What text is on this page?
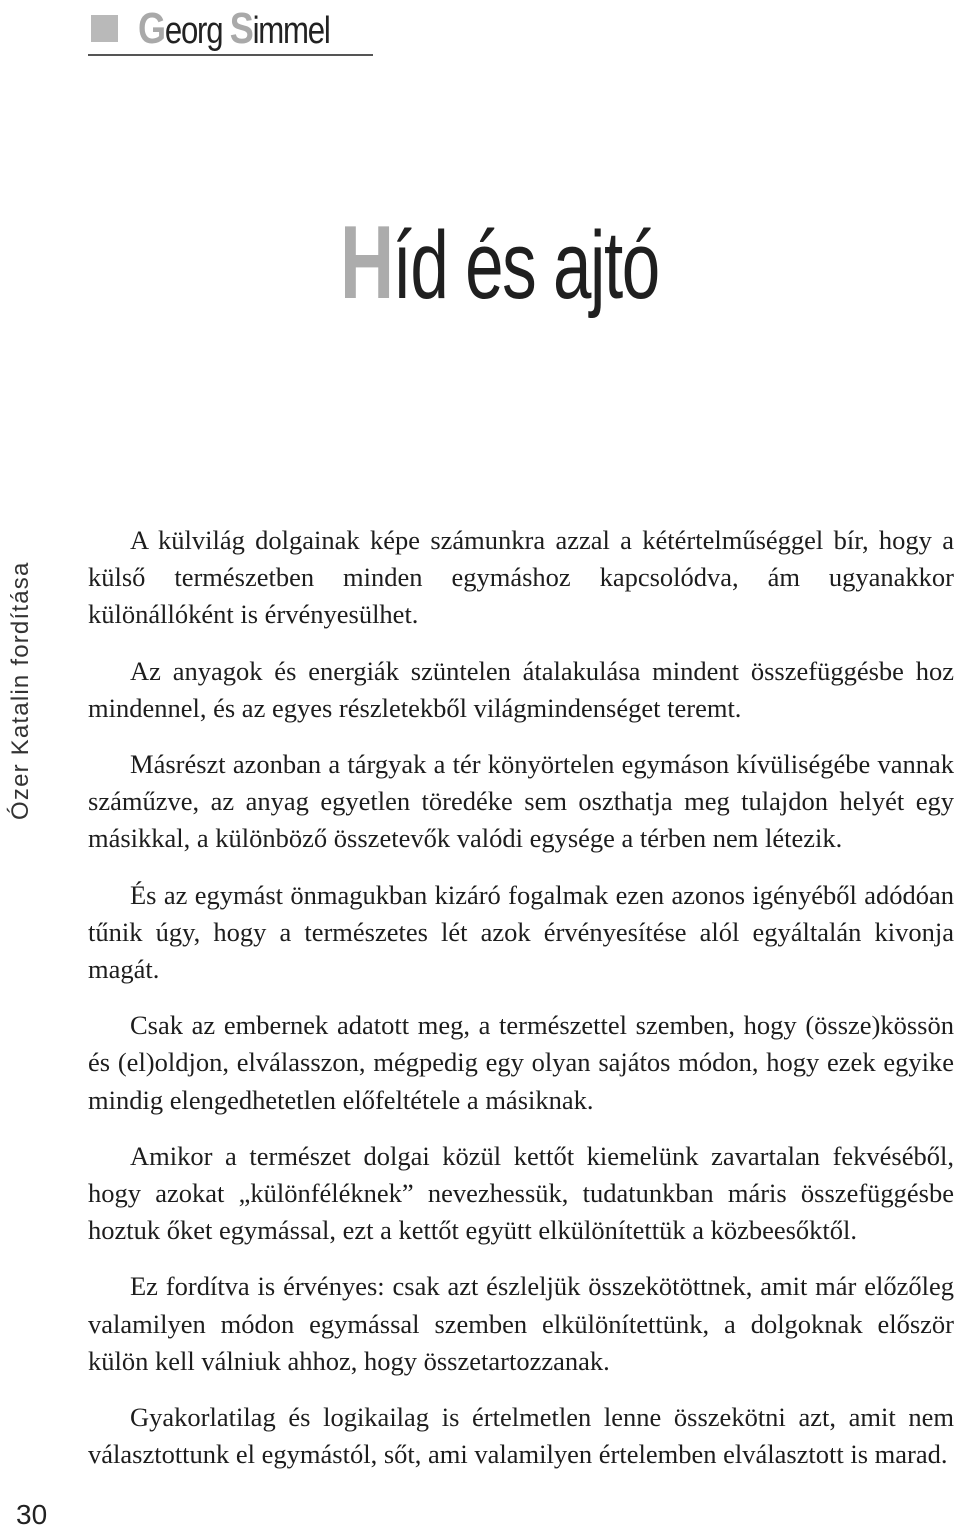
Georg Simmel
Híd és ajtó
Ózer Katalin fordítása

A külvilág dolgainak képe számunkra azzal a kétértelműséggel bír, hogy a külső természetben minden egymáshoz kapcsolódva, ám ugyanakkor különállóként is érvényesülhet.

Az anyagok és energiák szüntelen átalakulása mindent összefüggésbe hoz mindennel, és az egyes részletekből világmindenséget teremt.

Másrészt azonban a tárgyak a tér könyörtelen egymáson kívüliségébe vannak száműzve, az anyag egyetlen töredéke sem oszthatja meg tulajdon helyét egy másikkal, a különböző összetevők valódi egysége a térben nem létezik.

És az egymást önmagukban kizáró fogalmak ezen azonos igényéből adódóan tűnik úgy, hogy a természetes lét azok érvényesítése alól egyáltalán kivonja magát.

Csak az embernek adatott meg, a természettel szemben, hogy (össze)kössön és (el)oldjon, elválasszon, mégpedig egy olyan sajátos módon, hogy ezek egyike mindig elengedhetetlen előfeltétele a másiknak.

Amikor a természet dolgai közül kettőt kiemelünk zavartalan fekvéséből, hogy azokat „különféléknek” nevezhessük, tudatunkban máris összefüggésbe hoztuk őket egymással, ezt a kettőt együtt elkülönítettük a közbeesőktől.

Ez fordítva is érvényes: csak azt észleljük összekötöttnek, amit már előzőleg valamilyen módon egymással szemben elkülönítettünk, a dolgoknak először külön kell válniuk ahhoz, hogy összetartozzanak.

Gyakorlatilag és logikailag is értelmetlen lenne összekötni azt, amit nem választottunk el egymástól, sőt, ami valamilyen értelemben elválasztott is marad.

30
